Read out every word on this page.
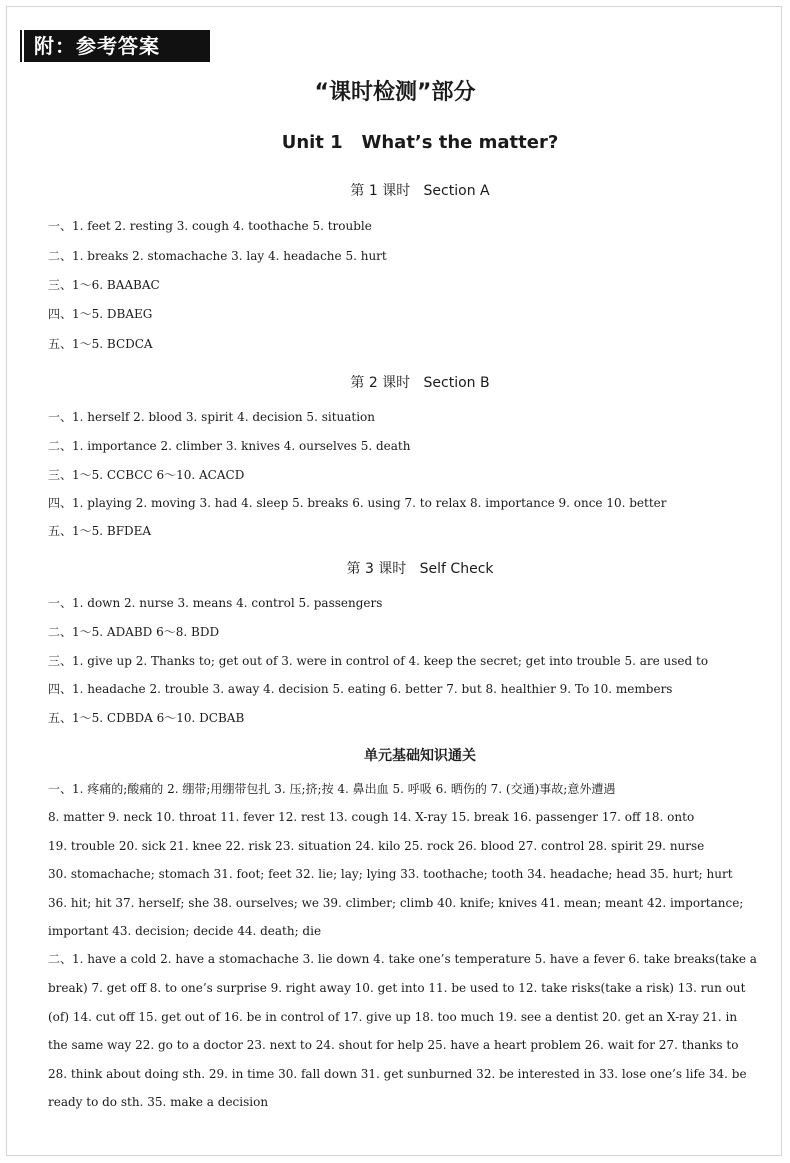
附：参考答案
“课时检测”部分
Unit 1   What’s the matter?
第 1 课时   Section A
一、1. feet 2. resting 3. cough 4. toothache 5. trouble
二、1. breaks 2. stomachache 3. lay 4. headache 5. hurt
三、1～6. BAABAC
四、1～5. DBAEG
五、1～5. BCDCA
第 2 课时   Section B
一、1. herself 2. blood 3. spirit 4. decision 5. situation
二、1. importance 2. climber 3. knives 4. ourselves 5. death
三、1～5. CCBCC 6～10. ACACD
四、1. playing 2. moving 3. had 4. sleep 5. breaks 6. using 7. to relax 8. importance 9. once 10. better
五、1～5. BFDEA
第 3 课时   Self Check
一、1. down 2. nurse 3. means 4. control 5. passengers
二、1～5. ADABD 6～8. BDD
三、1. give up 2. Thanks to; get out of 3. were in control of 4. keep the secret; get into trouble 5. are used to
四、1. headache 2. trouble 3. away 4. decision 5. eating 6. better 7. but 8. healthier 9. To 10. members
五、1～5. CDBDA 6～10. DCBAB
单元基础知识通关
一、1. 疼痛的;酸痛的 2. 绷带;用绷带包扎 3. 压;挤;按 4. 鼻出血 5. 呼吸 6. 晒伤的 7. (交通)事故;意外遭遇
8. matter 9. neck 10. throat 11. fever 12. rest 13. cough 14. X-ray 15. break 16. passenger 17. off 18. onto
19. trouble 20. sick 21. knee 22. risk 23. situation 24. kilo 25. rock 26. blood 27. control 28. spirit 29. nurse
30. stomachache; stomach 31. foot; feet 32. lie; lay; lying 33. toothache; tooth 34. headache; head 35. hurt; hurt
36. hit; hit 37. herself; she 38. ourselves; we 39. climber; climb 40. knife; knives 41. mean; meant 42. importance;
important 43. decision; decide 44. death; die
二、1. have a cold 2. have a stomachache 3. lie down 4. take one’s temperature 5. have a fever 6. take breaks(take a
break) 7. get off 8. to one’s surprise 9. right away 10. get into 11. be used to 12. take risks(take a risk) 13. run out
(of) 14. cut off 15. get out of 16. be in control of 17. give up 18. too much 19. see a dentist 20. get an X-ray 21. in
the same way 22. go to a doctor 23. next to 24. shout for help 25. have a heart problem 26. wait for 27. thanks to
28. think about doing sth. 29. in time 30. fall down 31. get sunburned 32. be interested in 33. lose one’s life 34. be
ready to do sth. 35. make a decision
